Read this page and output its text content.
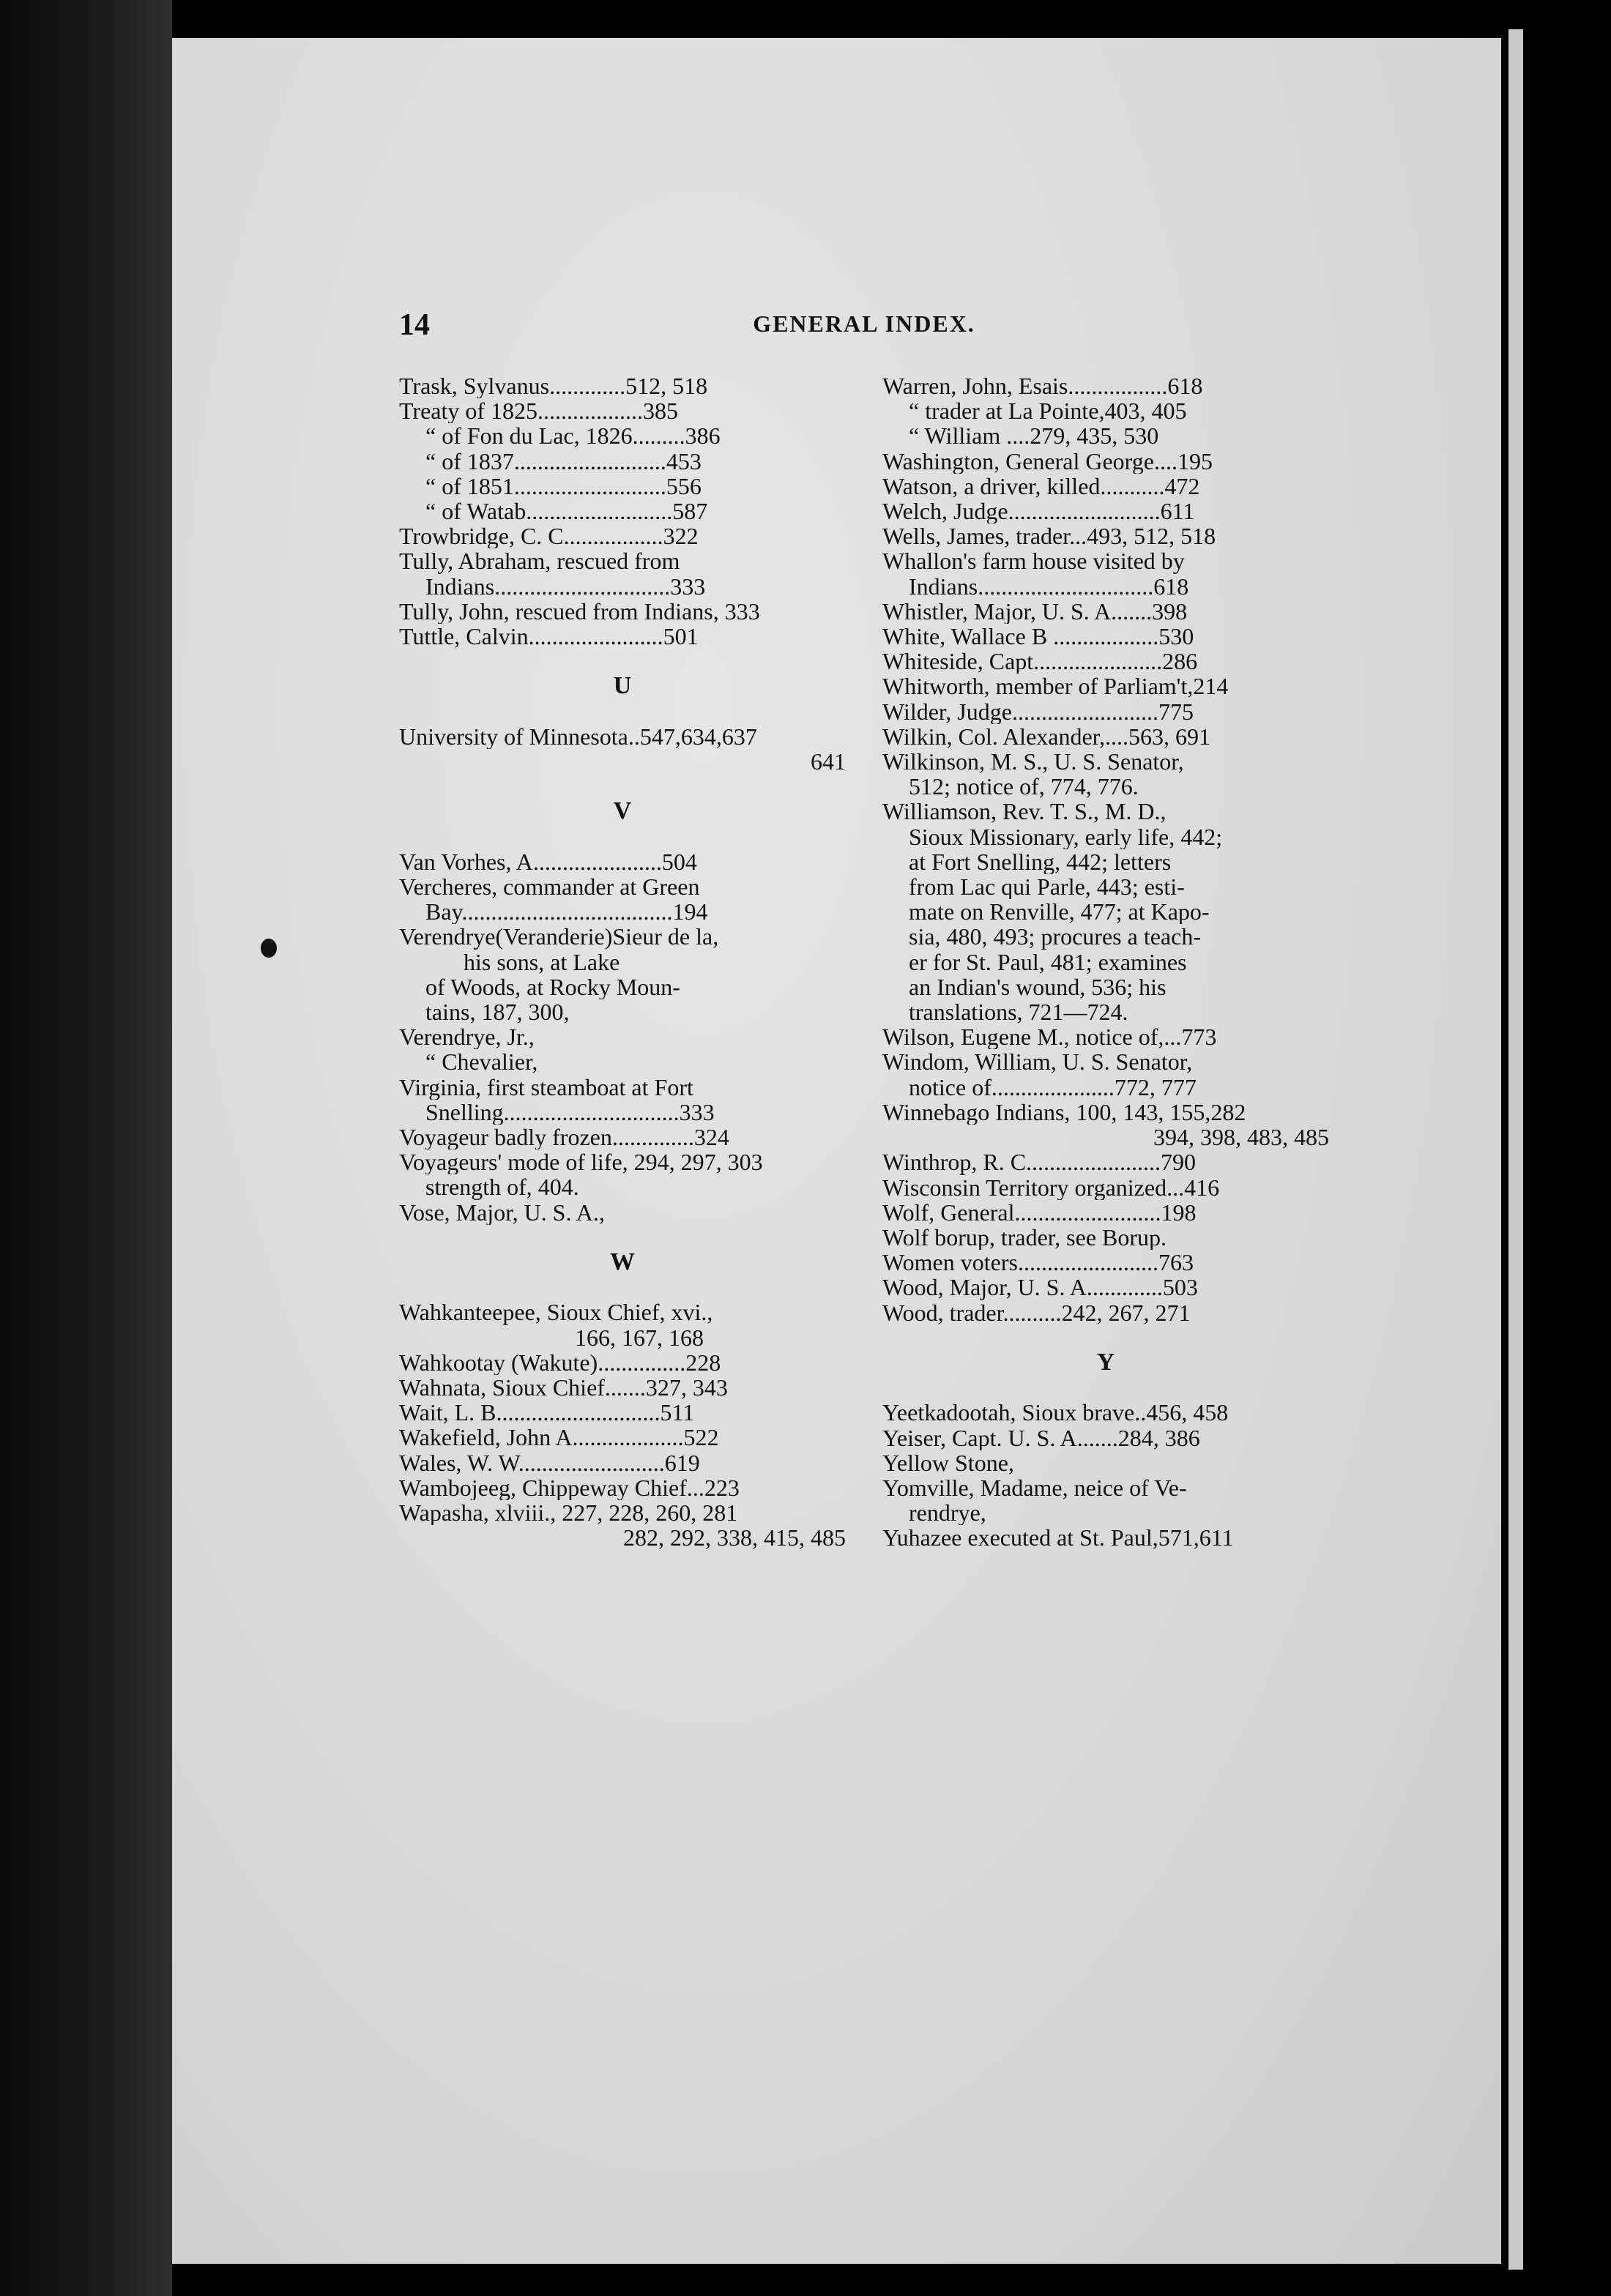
14	GENERAL INDEX.
Trask, Sylvanus.............512, 518
Treaty of 1825..................385
“ of Fon du Lac, 1826.........386
“ of 1837..........................453
“ of 1851..........................556
“ of Watab.........................587
Trowbridge, C. C.................322
Tully, Abraham, rescued from
Indians..............................333
Tully, John, rescued from Indians, 333
Tuttle, Calvin.......................501
U
University of Minnesota..547,634,637
641
V
Van Vorhes, A......................504
Vercheres, commander at Green
Bay....................................194
Verendrye(Veranderie)Sieur de la,
his sons, at Lake
of Woods, at Rocky Moun-
tains, 187, 300,
Verendrye, Jr.,
“ Chevalier,
Virginia, first steamboat at Fort
Snelling..............................333
Voyageur badly frozen..............324
Voyageurs' mode of life, 294, 297, 303
strength of, 404.
Vose, Major, U. S. A.,
W
Wahkanteepee, Sioux Chief, xvi.,
166, 167, 168
Wahkootay (Wakute)...............228
Wahnata, Sioux Chief.......327, 343
Wait, L. B............................511
Wakefield, John A...................522
Wales, W. W.........................619
Wambojeeg, Chippeway Chief...223
Wapasha, xlviii., 227, 228, 260, 281
282, 292, 338, 415, 485
Warren, John, Esais.................618
“ trader at La Pointe,403, 405
“ William ....279, 435, 530
Washington, General George....195
Watson, a driver, killed...........472
Welch, Judge..........................611
Wells, James, trader...493, 512, 518
Whallon's farm house visited by
Indians..............................618
Whistler, Major, U. S. A.......398
White, Wallace B ..................530
Whiteside, Capt......................286
Whitworth, member of Parliam't,214
Wilder, Judge.........................775
Wilkin, Col. Alexander,....563, 691
Wilkinson, M. S., U. S. Senator,
512; notice of, 774, 776.
Williamson, Rev. T. S., M. D.,
Sioux Missionary, early life, 442;
at Fort Snelling, 442; letters
from Lac qui Parle, 443; esti-
mate on Renville, 477; at Kapo-
sia, 480, 493; procures a teach-
er for St. Paul, 481; examines
an Indian's wound, 536; his
translations, 721—724.
Wilson, Eugene M., notice of,...773
Windom, William, U. S. Senator,
notice of.....................772, 777
Winnebago Indians, 100, 143, 155,282
394, 398, 483, 485
Winthrop, R. C.......................790
Wisconsin Territory organized...416
Wolf, General.........................198
Wolf borup, trader, see Borup.
Women voters........................763
Wood, Major, U. S. A.............503
Wood, trader..........242, 267, 271
Y
Yeetkadootah, Sioux brave..456, 458
Yeiser, Capt. U. S. A.......284, 386
Yellow Stone,
Yomville, Madame, neice of Ve-
rendrye,
Yuhazee executed at St. Paul,571,611
